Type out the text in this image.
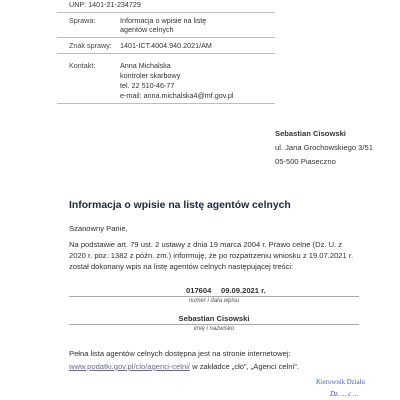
UNP: 1401-21-234729
Sprawa:	Informacja o wpisie na listę
agentów celnych
Znak sprawy: 1401-ICT.4004.940.2021/AM
Kontakt:	Anna Michalska
kontroler skarbowy
tel. 22 510-46-77
e-mail: anna.michalska4@mf.gov.pl
Sebastian Cisowski
ul. Jana Grochowskiego 3/51
05-500 Piaseczno
Informacja o wpisie na listę agentów celnych
Szanowny Panie,
Na podstawie art. 79 ust. 2 ustawy z dnia 19 marca 2004 r. Prawo celne (Dz. U. z 2020 r. poz. 1382 z późn. zm.) informuję, że po rozpatrzeniu wniosku z 19.07.2021 r. został dokonany wpis na listę agentów celnych następującej treści:
017604 09.09.2021 r.
numer i data wpisu
Sebastian Cisowski
imię i nazwisko
Pełna lista agentów celnych dostępna jest na stronie internetowej:
www.podatki.gov.pl/clo/agenci-celni/ w zakładce „cło”, „Agenci celni”.
Kierownik Działu
Dz. ... c ...
